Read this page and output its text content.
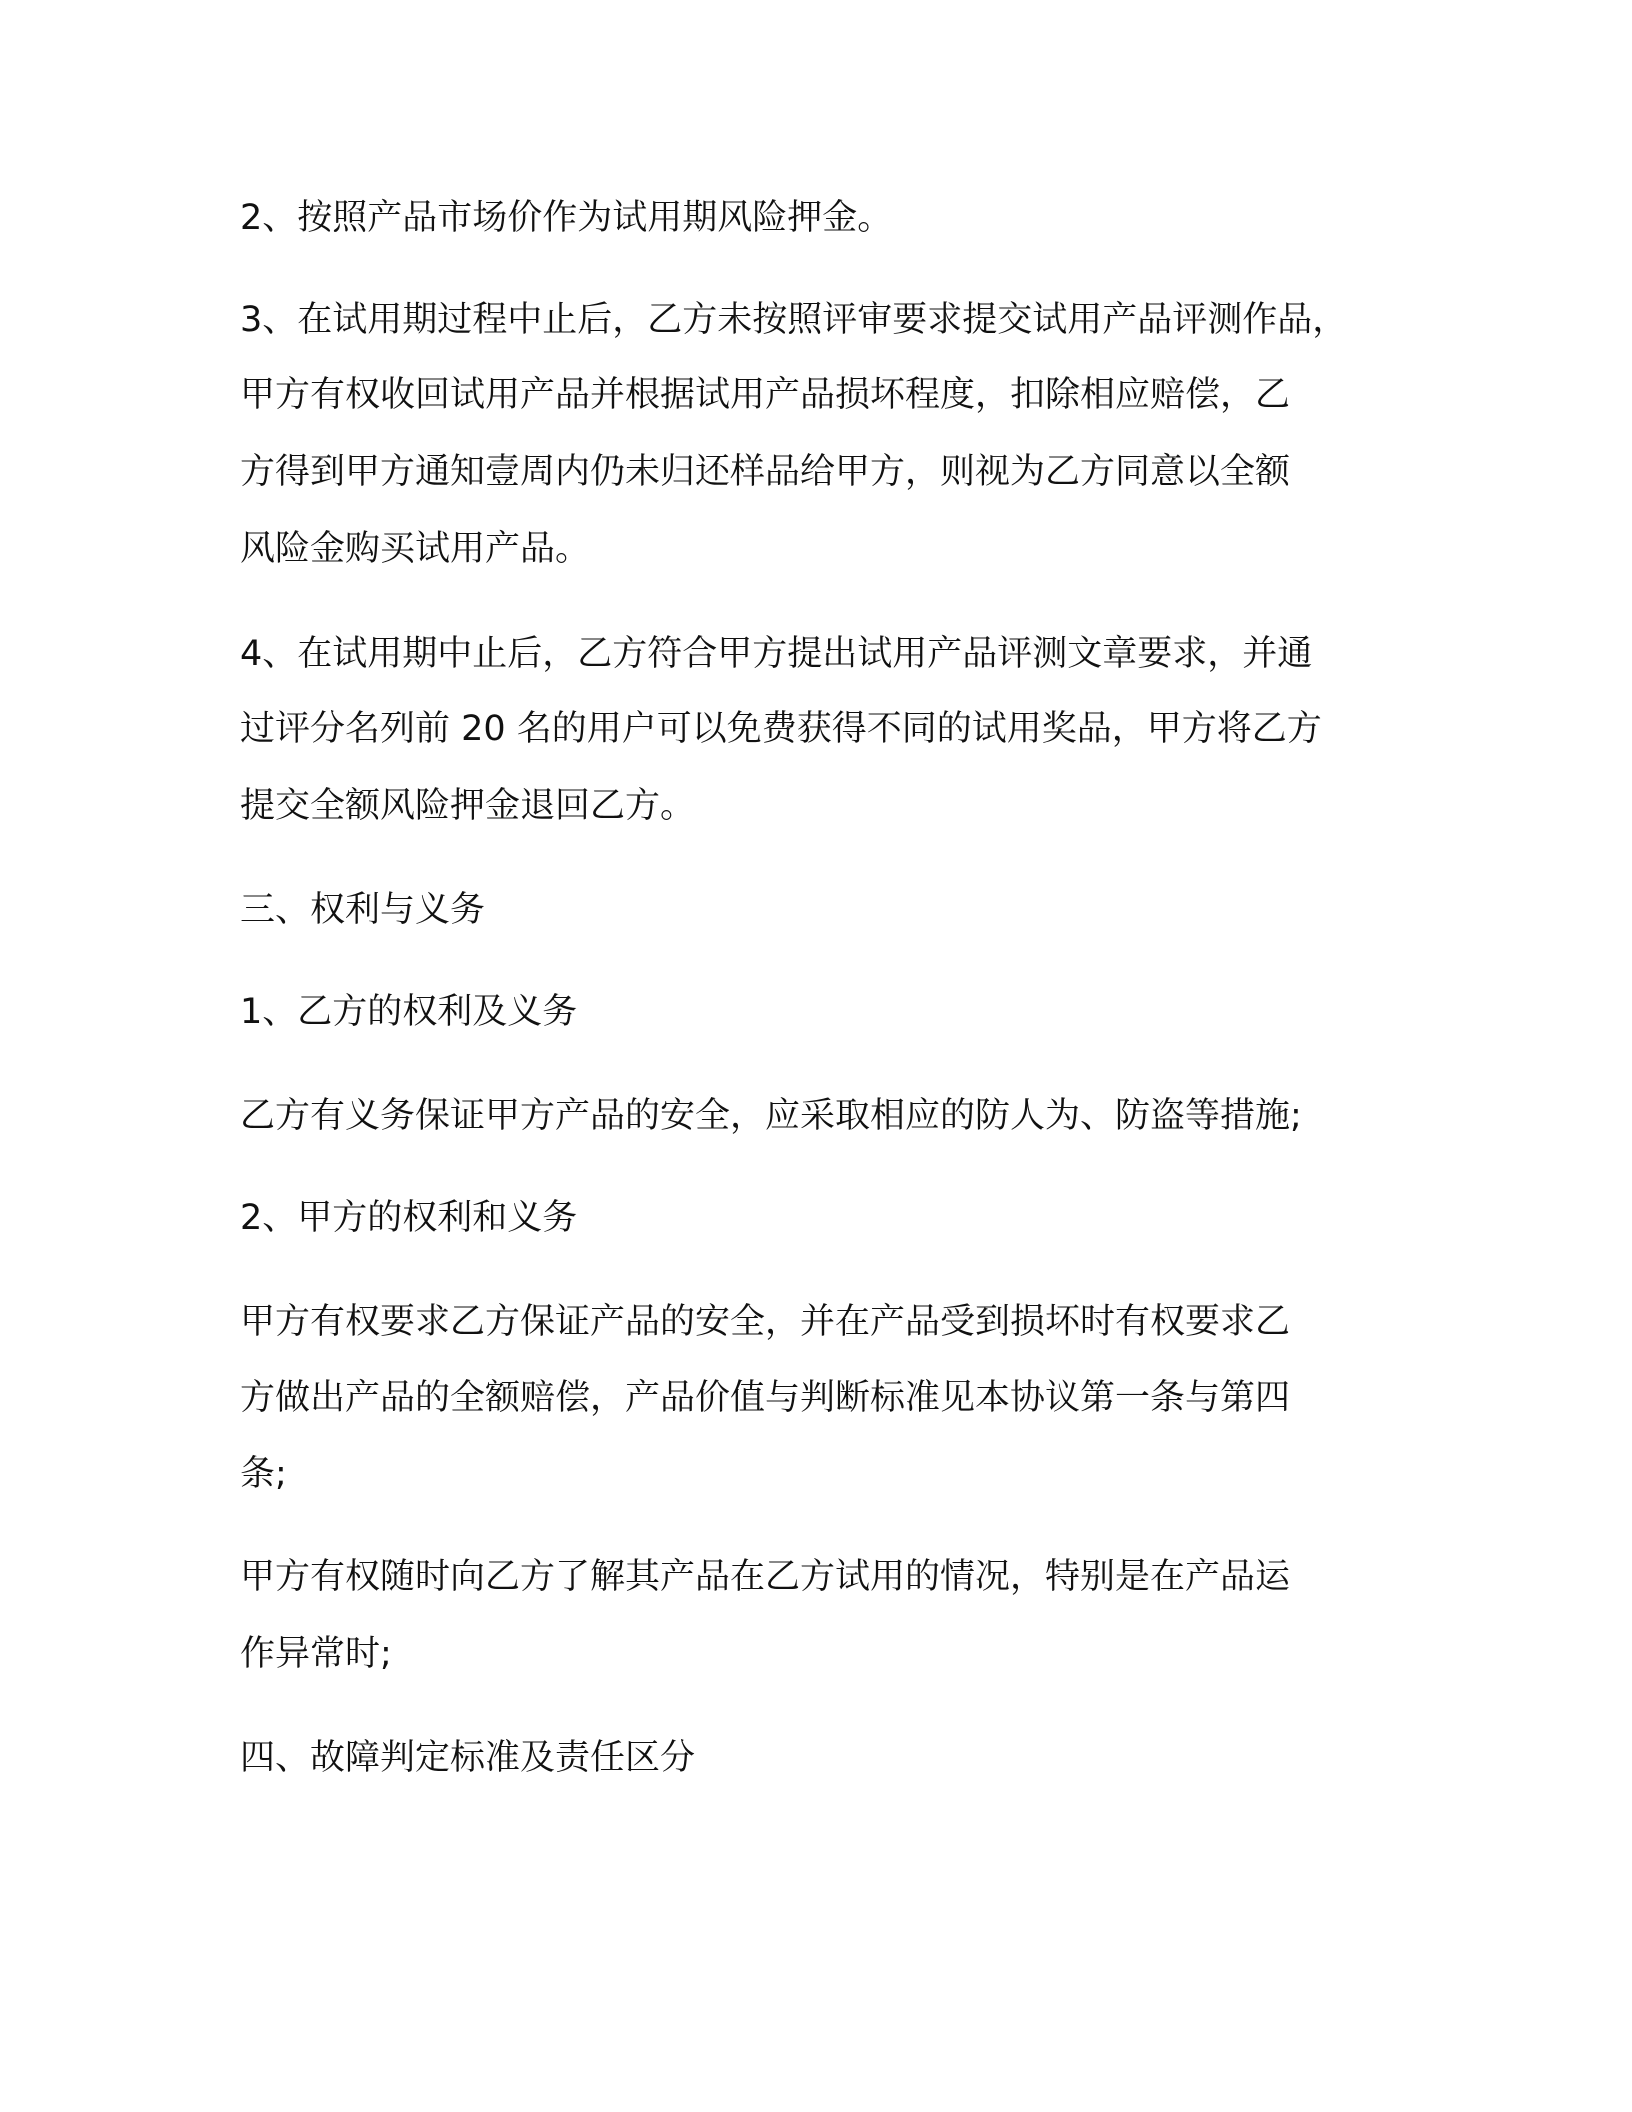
2、按照产品市场价作为试用期风险押金。

3、在试用期过程中止后，乙方未按照评审要求提交试用产品评测作品，

甲方有权收回试用产品并根据试用产品损坏程度，扣除相应赔偿，乙

方得到甲方通知壹周内仍未归还样品给甲方，则视为乙方同意以全额

风险金购买试用产品。

4、在试用期中止后，乙方符合甲方提出试用产品评测文章要求，并通

过评分名列前 20 名的用户可以免费获得不同的试用奖品，甲方将乙方

提交全额风险押金退回乙方。

三、权利与义务

1、乙方的权利及义务

乙方有义务保证甲方产品的安全，应采取相应的防人为、防盗等措施;

2、甲方的权利和义务

甲方有权要求乙方保证产品的安全，并在产品受到损坏时有权要求乙

方做出产品的全额赔偿，产品价值与判断标准见本协议第一条与第四

条;

甲方有权随时向乙方了解其产品在乙方试用的情况，特别是在产品运

作异常时;

四、故障判定标准及责任区分
